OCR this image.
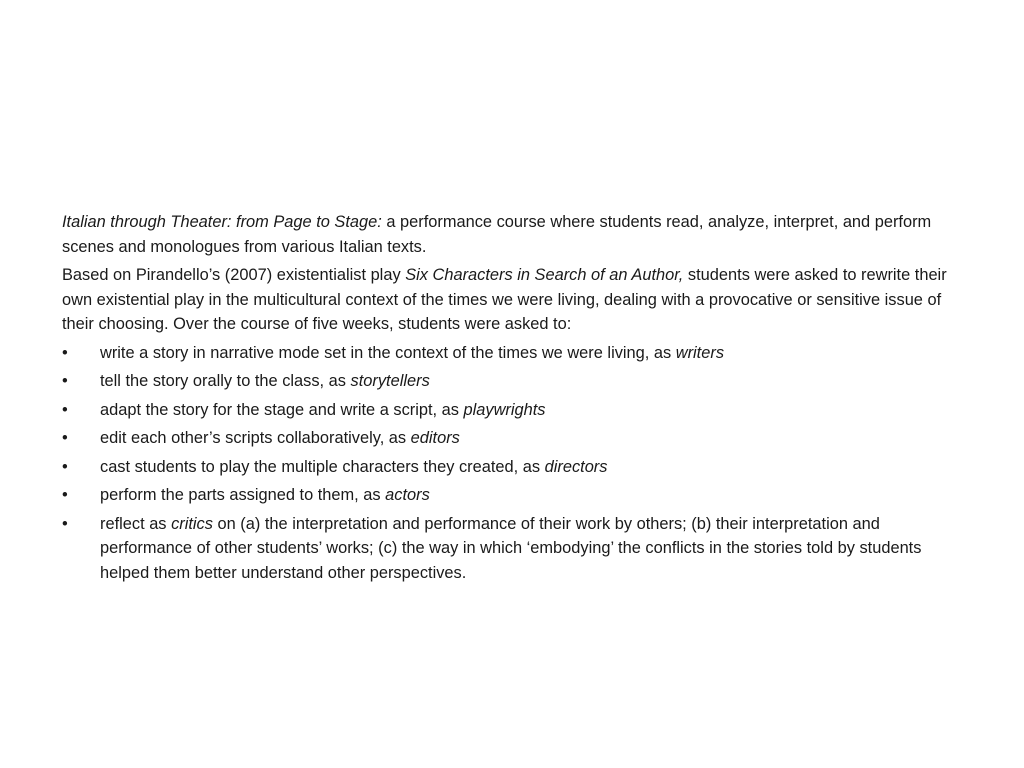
Italian through Theater: from Page to Stage: a performance course where students read, analyze, interpret, and perform scenes and monologues from various Italian texts.

Based on Pirandello’s (2007) existentialist play Six Characters in Search of an Author, students were asked to rewrite their own existential play in the multicultural context of the times we were living, dealing with a provocative or sensitive issue of their choosing. Over the course of five weeks, students were asked to:

• write a story in narrative mode set in the context of the times we were living, as writers
• tell the story orally to the class, as storytellers
• adapt the story for the stage and write a script, as playwrights
• edit each other’s scripts collaboratively, as editors
• cast students to play the multiple characters they created, as directors
• perform the parts assigned to them, as actors
• reflect as critics on (a) the interpretation and performance of their work by others; (b) their interpretation and performance of other students’ works; (c) the way in which ‘embodying’ the conflicts in the stories told by students helped them better understand other perspectives.
